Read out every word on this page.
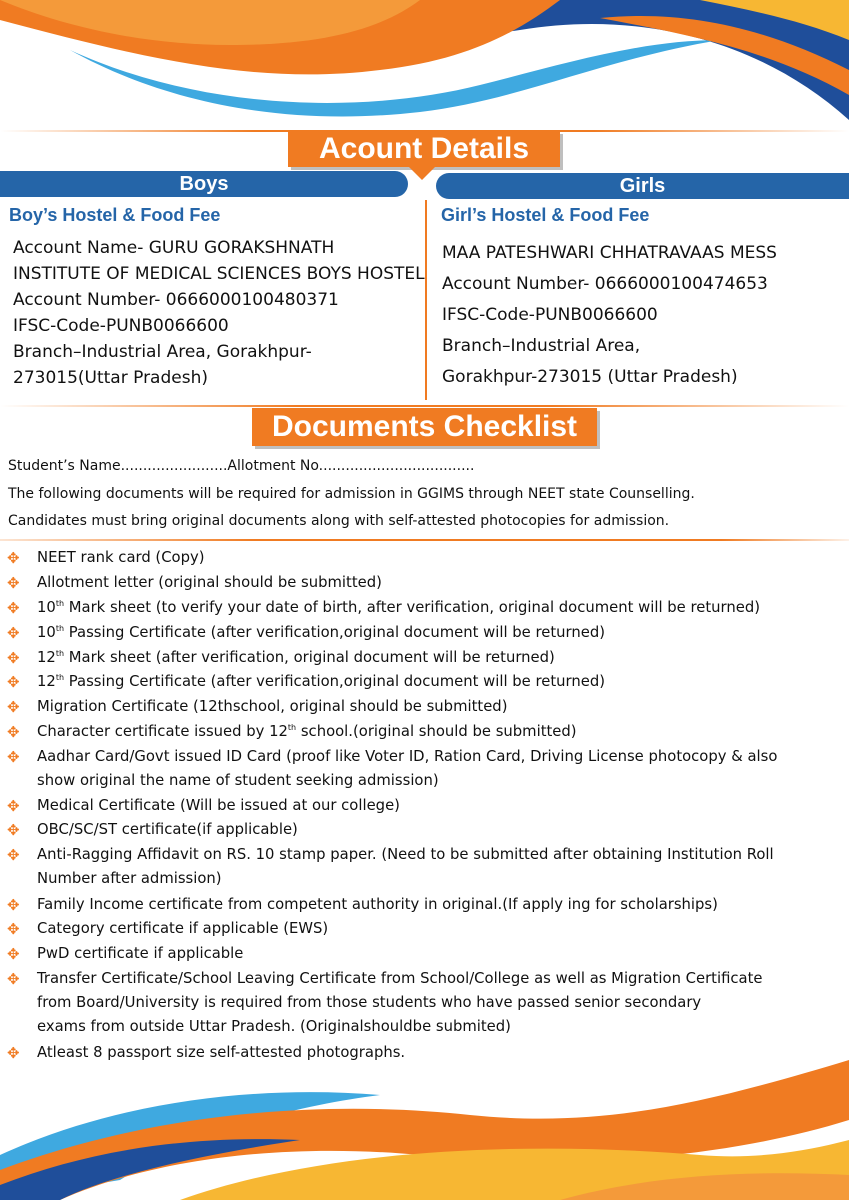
Acount Details
Boys	Girls
Boy’s Hostel & Food Fee	Girl’s Hostel & Food Fee
Account Name- GURU GORAKSHNATH
INSTITUTE OF MEDICAL SCIENCES BOYS HOSTEL
Account Number- 0666000100480371
IFSC-Code-PUNB0066600
Branch–Industrial Area, Gorakhpur-
273015(Uttar Pradesh)
MAA PATESHWARI CHHATRAVAAS MESS
Account Number- 0666000100474653
IFSC-Code-PUNB0066600
Branch–Industrial Area,
Gorakhpur-273015 (Uttar Pradesh)
Documents Checklist
Student’s Name........................Allotment No...................................
The following documents will be required for admission in GGIMS through NEET state Counselling.
Candidates must bring original documents along with self-attested photocopies for admission.
✥ NEET rank card (Copy)
✥ Allotment letter (original should be submitted)
✥ 10th Mark sheet (to verify your date of birth, after verification, original document will be returned)
✥ 10th Passing Certificate (after verification,original document will be returned)
✥ 12th Mark sheet (after verification, original document will be returned)
✥ 12th Passing Certificate (after verification,original document will be returned)
✥ Migration Certificate (12thschool, original should be submitted)
✥ Character certificate issued by 12th school.(original should be submitted)
✥ Aadhar Card/Govt issued ID Card (proof like Voter ID, Ration Card, Driving License photocopy & also
show original the name of student seeking admission)
✥ Medical Certificate (Will be issued at our college)
✥ OBC/SC/ST certificate(if applicable)
✥ Anti-Ragging Affidavit on RS. 10 stamp paper. (Need to be submitted after obtaining Institution Roll
Number after admission)
✥ Family Income certificate from competent authority in original.(If apply ing for scholarships)
✥ Category certificate if applicable (EWS)
✥ PwD certificate if applicable
✥ Transfer Certificate/School Leaving Certificate from School/College as well as Migration Certificate
from Board/University is required from those students who have passed senior secondary
exams from outside Uttar Pradesh. (Originalshouldbe submited)
✥ Atleast 8 passport size self-attested photographs.
